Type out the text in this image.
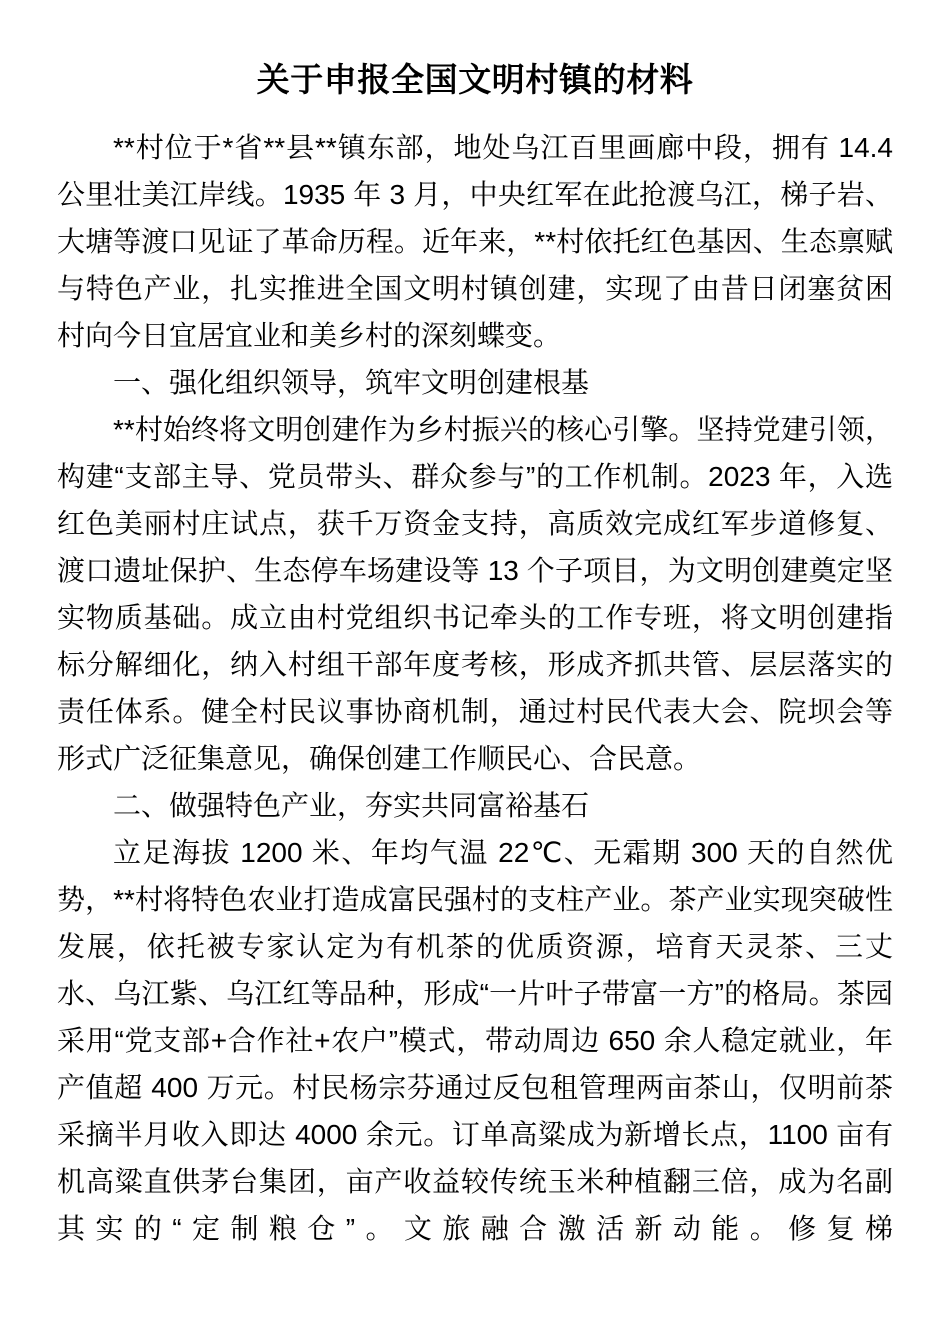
关于申报全国文明村镇的材料

**村位于*省**县**镇东部，地处乌江百里画廊中段，拥有 14.4 公里壮美江岸线。1935 年 3 月，中央红军在此抢渡乌江，梯子岩、大塘等渡口见证了革命历程。近年来，**村依托红色基因、生态禀赋与特色产业，扎实推进全国文明村镇创建，实现了由昔日闭塞贫困村向今日宜居宜业和美乡村的深刻蝶变。

一、强化组织领导，筑牢文明创建根基

**村始终将文明创建作为乡村振兴的核心引擎。坚持党建引领，构建“支部主导、党员带头、群众参与”的工作机制。2023 年，入选红色美丽村庄试点，获千万资金支持，高质效完成红军步道修复、渡口遗址保护、生态停车场建设等 13 个子项目，为文明创建奠定坚实物质基础。成立由村党组织书记牵头的工作专班，将文明创建指标分解细化，纳入村组干部年度考核，形成齐抓共管、层层落实的责任体系。健全村民议事协商机制，通过村民代表大会、院坝会等形式广泛征集意见，确保创建工作顺民心、合民意。

二、做强特色产业，夯实共同富裕基石

立足海拔 1200 米、年均气温 22℃、无霜期 300 天的自然优势，**村将特色农业打造成富民强村的支柱产业。茶产业实现突破性发展，依托被专家认定为有机茶的优质资源，培育天灵茶、三丈水、乌江紫、乌江红等品种，形成“一片叶子带富一方”的格局。茶园采用“党支部+合作社+农户”模式，带动周边 650 余人稳定就业，年产值超 400 万元。村民杨宗芬通过反包租管理两亩茶山，仅明前茶采摘半月收入即达 4000 余元。订单高粱成为新增长点，1100 亩有机高粱直供茅台集团，亩产收益较传统玉米种植翻三倍，成为名副其实的“定制粮仓”。文旅融合激活新动能。修复梯
